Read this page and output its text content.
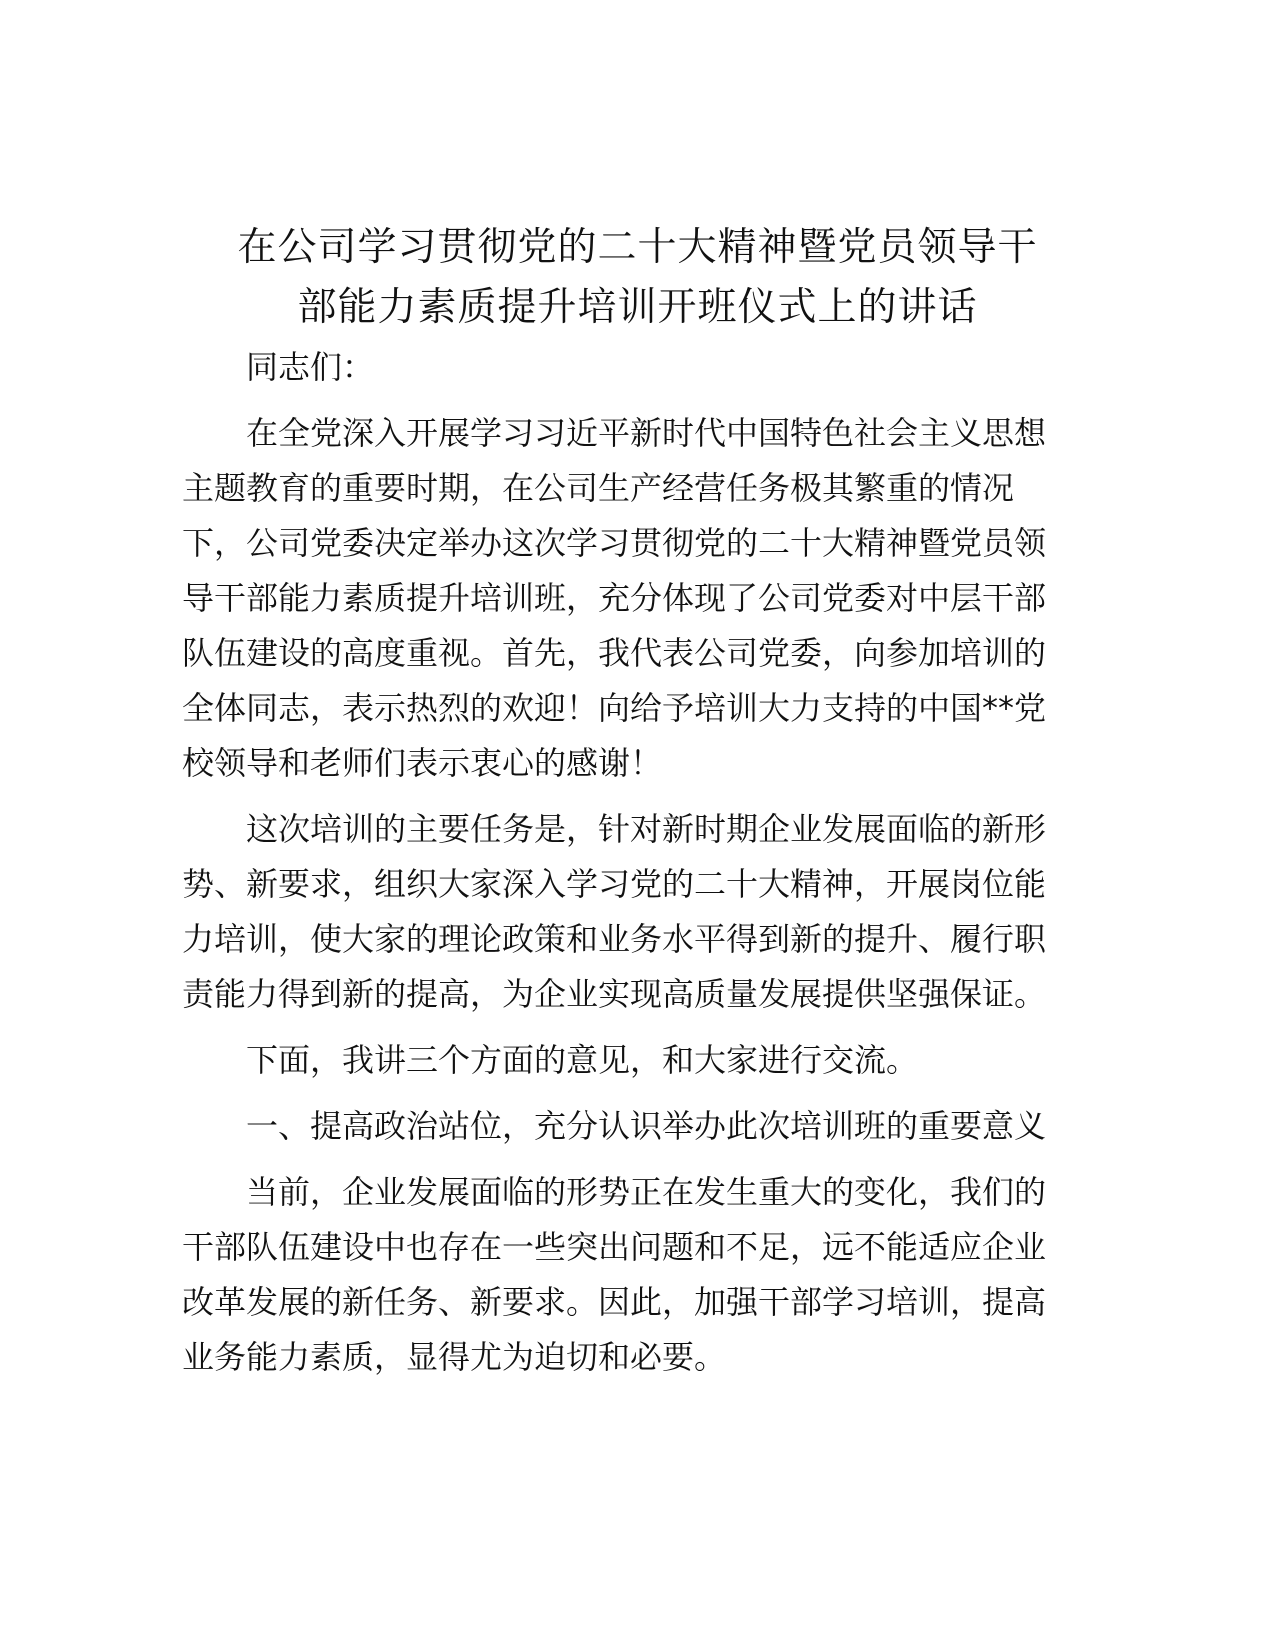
在公司学习贯彻党的二十大精神暨党员领导干

部能力素质提升培训开班仪式上的讲话

同志们：

在全党深入开展学习习近平新时代中国特色社会主义思想

主题教育的重要时期，在公司生产经营任务极其繁重的情况

下，公司党委决定举办这次学习贯彻党的二十大精神暨党员领

导干部能力素质提升培训班，充分体现了公司党委对中层干部

队伍建设的高度重视。首先，我代表公司党委，向参加培训的

全体同志，表示热烈的欢迎！向给予培训大力支持的中国**党

校领导和老师们表示衷心的感谢！

这次培训的主要任务是，针对新时期企业发展面临的新形

势、新要求，组织大家深入学习党的二十大精神，开展岗位能

力培训，使大家的理论政策和业务水平得到新的提升、履行职

责能力得到新的提高，为企业实现高质量发展提供坚强保证。

下面，我讲三个方面的意见，和大家进行交流。

一、提高政治站位，充分认识举办此次培训班的重要意义

当前，企业发展面临的形势正在发生重大的变化，我们的

干部队伍建设中也存在一些突出问题和不足，远不能适应企业

改革发展的新任务、新要求。因此，加强干部学习培训，提高

业务能力素质，显得尤为迫切和必要。
